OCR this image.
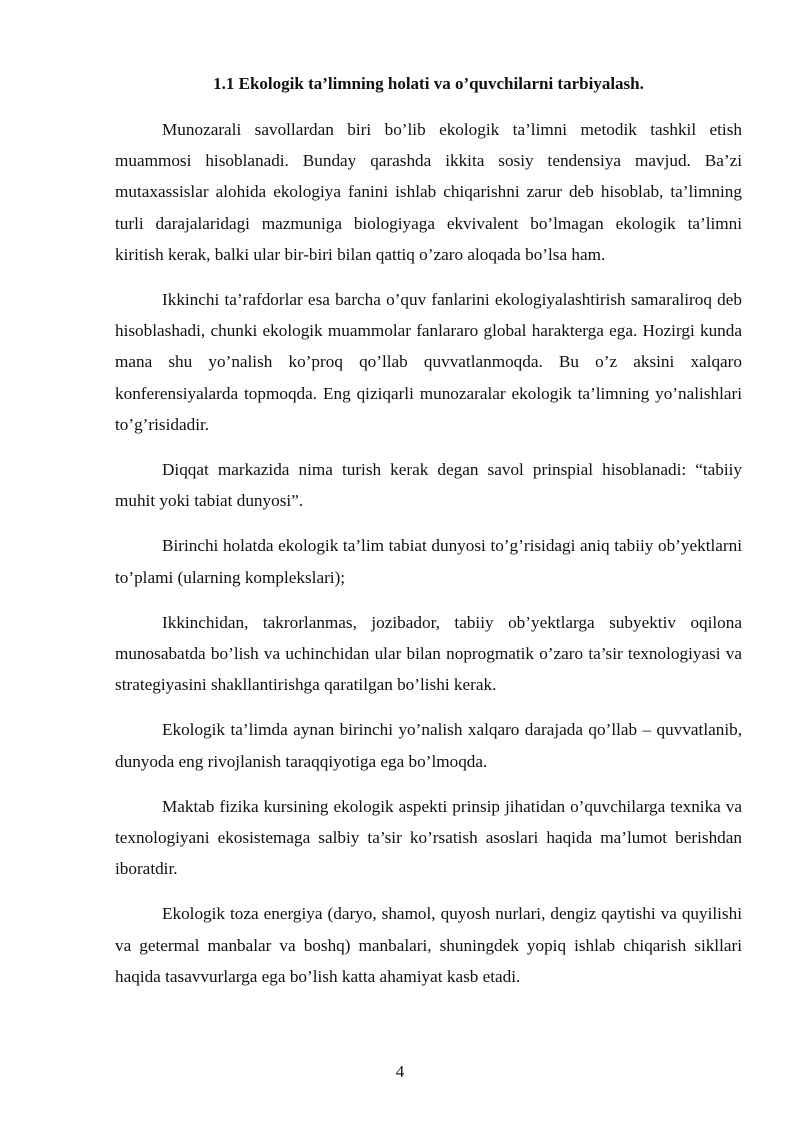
1.1 Ekologik ta’limning holati va o’quvchilarni tarbiyalash.

Munozarali savollardan biri bo’lib ekologik ta’limni metodik tashkil etish muammosi hisoblanadi. Bunday qarashda ikkita sosiy tendensiya mavjud. Ba’zi mutaxassislar alohida ekologiya fanini ishlab chiqarishni zarur deb hisoblab, ta’limning turli darajalaridagi mazmuniga biologiyaga ekvivalent bo’lmagan ekologik ta’limni kiritish kerak, balki ular bir-biri bilan qattiq o’zaro aloqada bo’lsa ham.

Ikkinchi ta’rafdorlar esa barcha o’quv fanlarini ekologiyalashtirish samaraliroq deb hisoblashadi, chunki ekologik muammolar fanlararo global harakterga ega. Hozirgi kunda mana shu yo’nalish ko’proq qo’llab quvvatlanmoqda. Bu o’z aksini xalqaro konferensiyalarda topmoqda. Eng qiziqarli munozaralar ekologik ta’limning yo’nalishlari to’g’risidadir.

Diqqat markazida nima turish kerak degan savol prinspial hisoblanadi: “tabiiy muhit yoki tabiat dunyosi”.

Birinchi holatda ekologik ta’lim tabiat dunyosi to’g’risidagi aniq tabiiy ob’yektlarni to’plami (ularning komplekslari);

Ikkinchidan, takrorlanmas, jozibador, tabiiy ob’yektlarga subyektiv oqilona munosabatda bo’lish va uchinchidan ular bilan noprogmatik o’zaro ta’sir texnologiyasi va strategiyasini shakllantirishga qaratilgan bo’lishi kerak.

Ekologik ta’limda aynan birinchi yo’nalish xalqaro darajada qo’llab – quvvatlanib, dunyoda eng rivojlanish taraqqiyotiga ega bo’lmoqda.

Maktab fizika kursining ekologik aspekti prinsip jihatidan o’quvchilarga texnika va texnologiyani ekosistemaga salbiy ta’sir ko’rsatish asoslari haqida ma’lumot berishdan iboratdir.

Ekologik toza energiya (daryo, shamol, quyosh nurlari, dengiz qaytishi va quyilishi va getermal manbalar va boshq) manbalari, shuningdek yopiq ishlab chiqarish sikllari haqida tasavvurlarga ega bo’lish katta ahamiyat kasb etadi.

4
